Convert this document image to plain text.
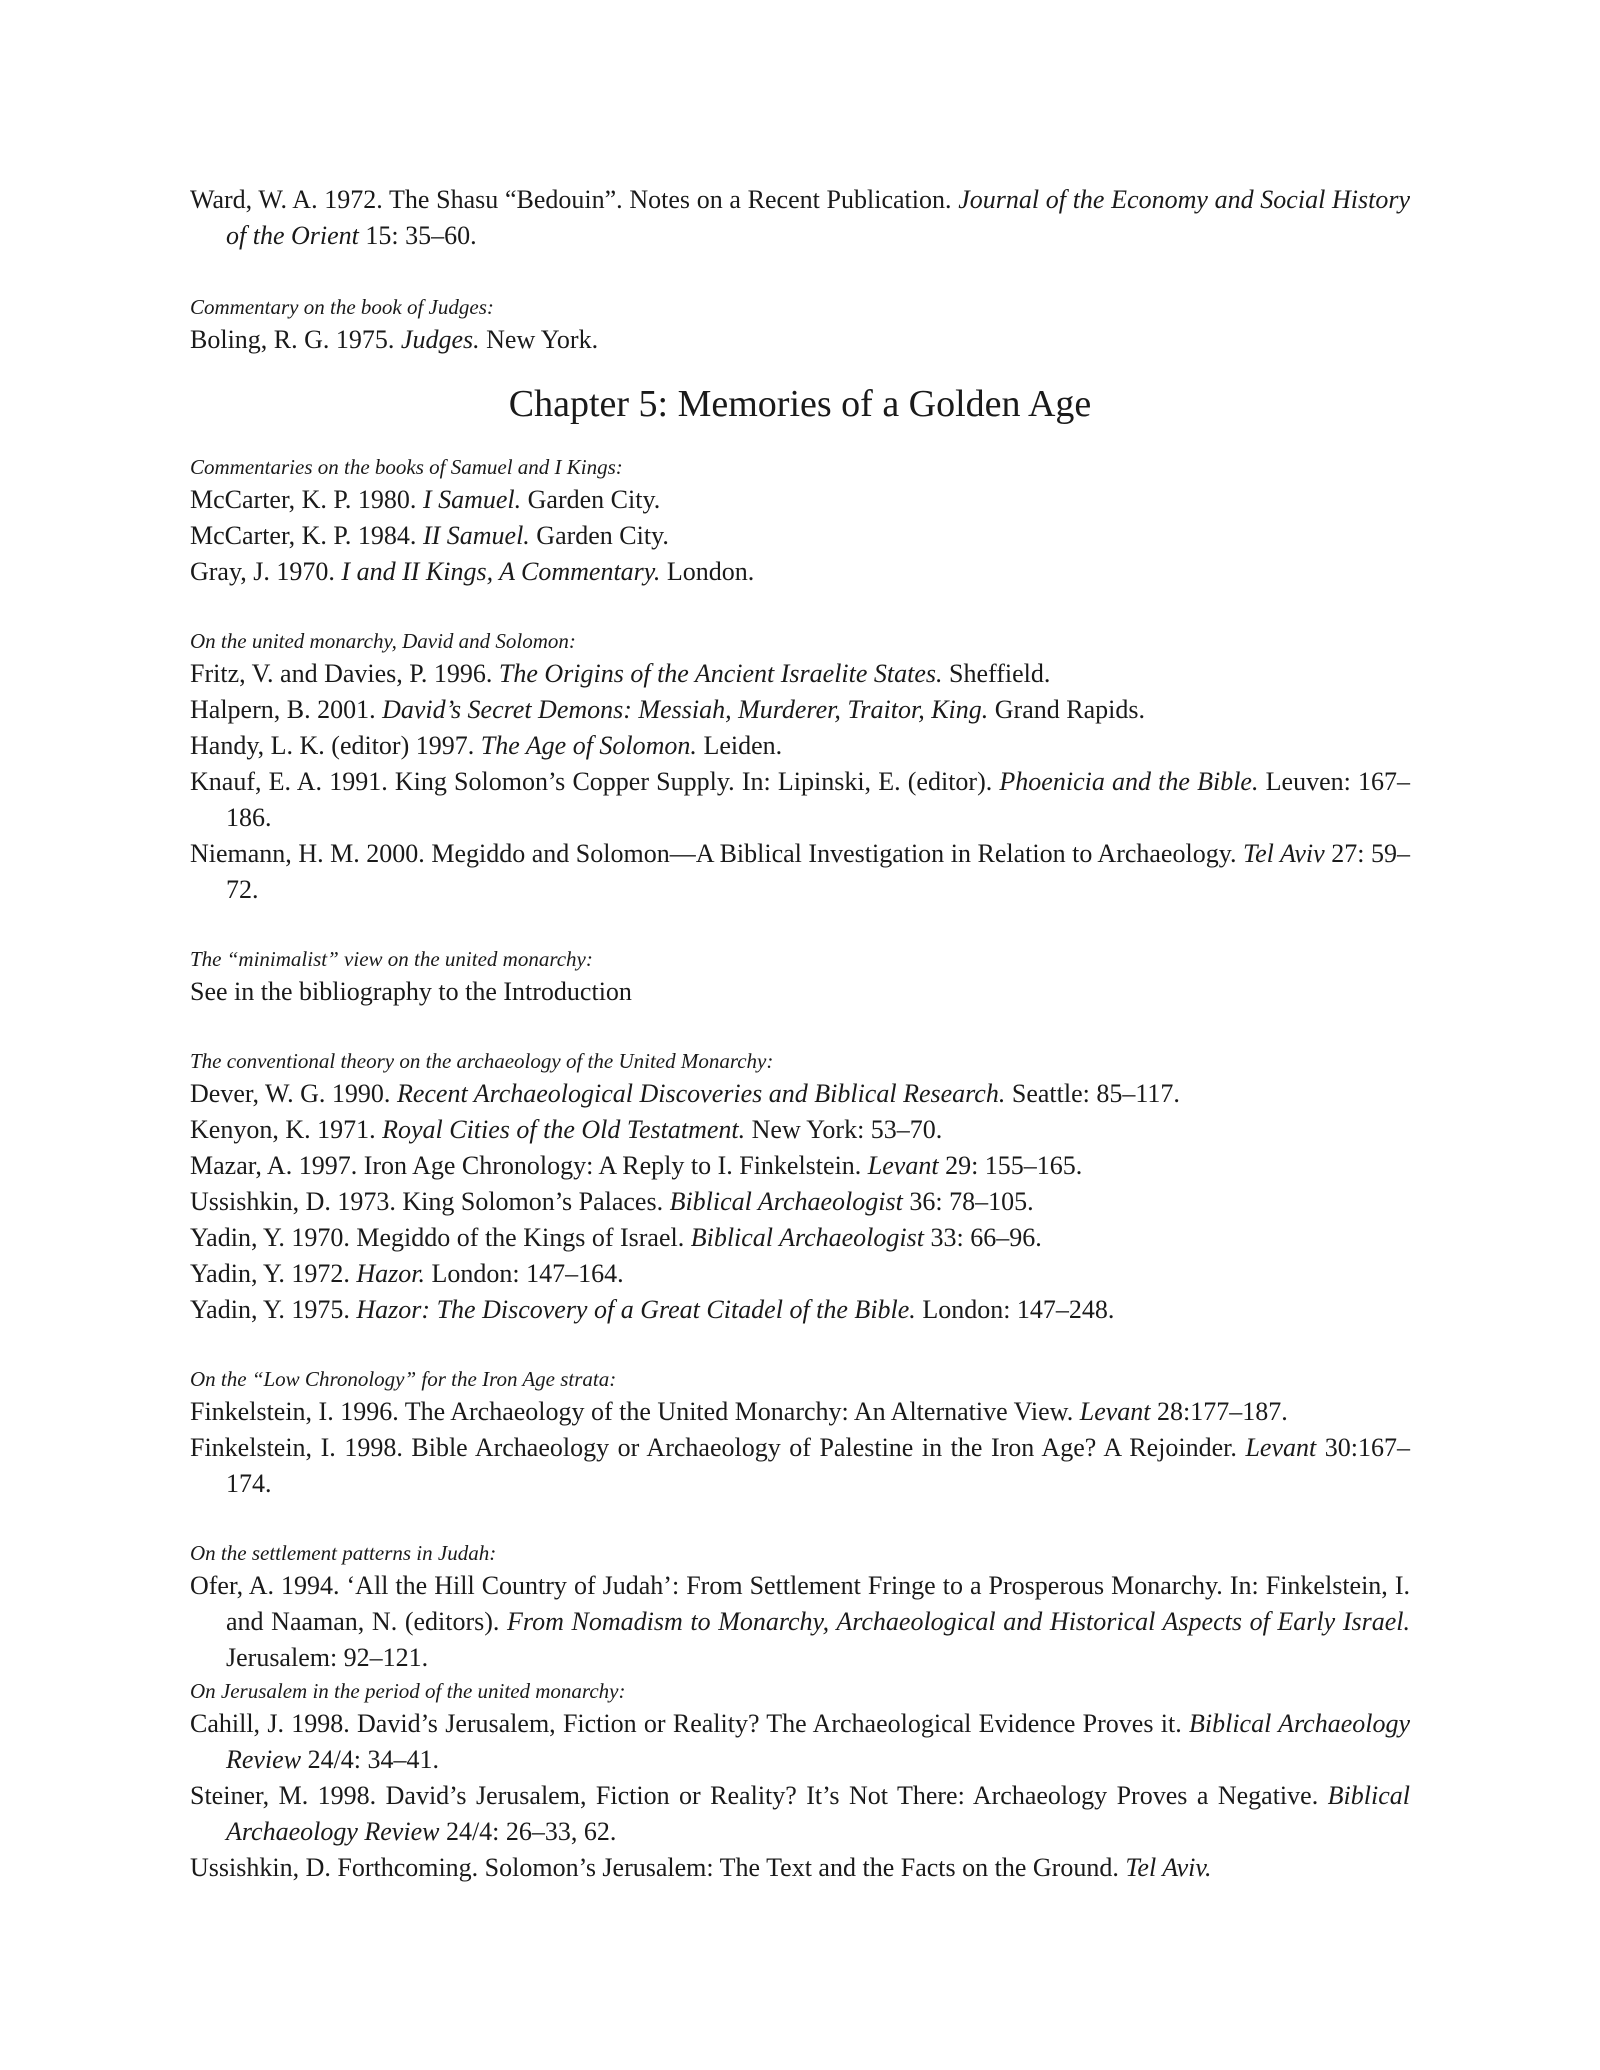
Ward, W. A. 1972. The Shasu “Bedouin”. Notes on a Recent Publication. Journal of the Economy and Social History of the Orient 15: 35–60.

Commentary on the book of Judges:

Boling, R. G. 1975. Judges. New York.

Chapter 5: Memories of a Golden Age

Commentaries on the books of Samuel and I Kings:

McCarter, K. P. 1980. I Samuel. Garden City.

McCarter, K. P. 1984. II Samuel. Garden City.

Gray, J. 1970. I and II Kings, A Commentary. London.

On the united monarchy, David and Solomon:

Fritz, V. and Davies, P. 1996. The Origins of the Ancient Israelite States. Sheffield.

Halpern, B. 2001. David’s Secret Demons: Messiah, Murderer, Traitor, King. Grand Rapids.

Handy, L. K. (editor) 1997. The Age of Solomon. Leiden.

Knauf, E. A. 1991. King Solomon’s Copper Supply. In: Lipinski, E. (editor). Phoenicia and the Bible. Leuven: 167–186.

Niemann, H. M. 2000. Megiddo and Solomon—A Biblical Investigation in Relation to Archaeology. Tel Aviv 27: 59–72.

The “minimalist” view on the united monarchy:

See in the bibliography to the Introduction

The conventional theory on the archaeology of the United Monarchy:

Dever, W. G. 1990. Recent Archaeological Discoveries and Biblical Research. Seattle: 85–117.

Kenyon, K. 1971. Royal Cities of the Old Testatment. New York: 53–70.

Mazar, A. 1997. Iron Age Chronology: A Reply to I. Finkelstein. Levant 29: 155–165.

Ussishkin, D. 1973. King Solomon’s Palaces. Biblical Archaeologist 36: 78–105.

Yadin, Y. 1970. Megiddo of the Kings of Israel. Biblical Archaeologist 33: 66–96.

Yadin, Y. 1972. Hazor. London: 147–164.

Yadin, Y. 1975. Hazor: The Discovery of a Great Citadel of the Bible. London: 147–248.

On the “Low Chronology” for the Iron Age strata:

Finkelstein, I. 1996. The Archaeology of the United Monarchy: An Alternative View. Levant 28:177–187.

Finkelstein, I. 1998. Bible Archaeology or Archaeology of Palestine in the Iron Age? A Rejoinder. Levant 30:167–174.

On the settlement patterns in Judah:

Ofer, A. 1994. ‘All the Hill Country of Judah’: From Settlement Fringe to a Prosperous Monarchy. In: Finkelstein, I. and Naaman, N. (editors). From Nomadism to Monarchy, Archaeological and Historical Aspects of Early Israel. Jerusalem: 92–121.

On Jerusalem in the period of the united monarchy:

Cahill, J. 1998. David’s Jerusalem, Fiction or Reality? The Archaeological Evidence Proves it. Biblical Archaeology Review 24/4: 34–41.

Steiner, M. 1998. David’s Jerusalem, Fiction or Reality? It’s Not There: Archaeology Proves a Negative. Biblical Archaeology Review 24/4: 26–33, 62.

Ussishkin, D. Forthcoming. Solomon’s Jerusalem: The Text and the Facts on the Ground. Tel Aviv.
